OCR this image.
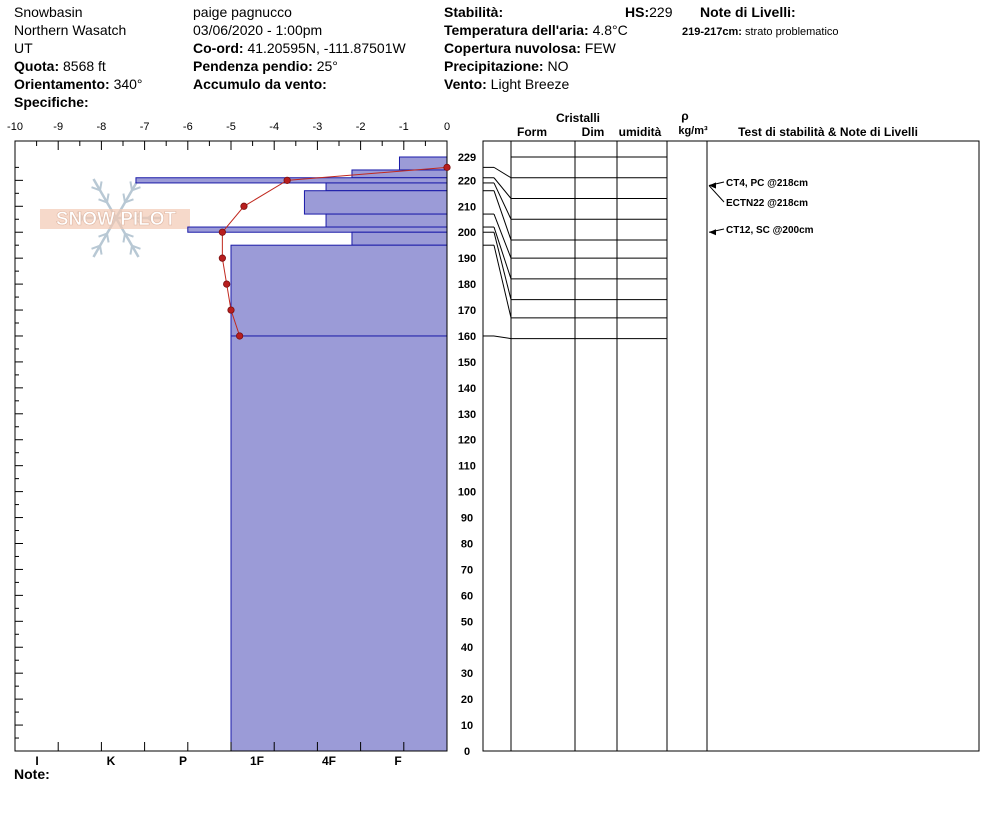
Snowbasin
Northern Wasatch
UT
Quota: 8568 ft
Orientamento: 340°
Specifiche:
paige pagnucco
03/06/2020 - 1:00pm
Co-ord: 41.20595N, -111.87501W
Pendenza pendio: 25°
Accumulo da vento:
Stabilità:	HS:229
Temperatura dell'aria: 4.8°C
Copertura nuvolosa: FEW
Precipitazione: NO
Vento: Light Breeze
Note di Livelli:
219-217cm: strato problematico
Note:
SNOW PILOT
-10	-9	-8	-7	-6	-5	-4	-3	-2	-1	0
I	K	P	1F	4F	F
229
220
210
200
190
180
170
160
150
140
130
120
110
100
90
80
70
60
50
40
30
20
10
0
Cristalli
Form	Dim umidità
ρ
kg/m³	Test di stabilità & Note di Livelli
CT4, PC @218cm
ECTN22 @218cm
CT12, SC @200cm
